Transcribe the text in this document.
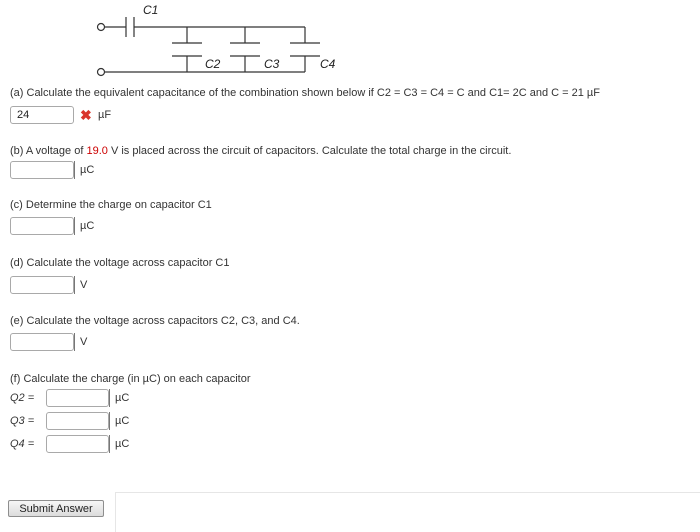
C1
C2	C3	C4
(a) Calculate the equivalent capacitance of the combination shown below if C2 = C3 = C4 = C and C1= 2C and C = 21 µF
24
✖ µF
(b) A voltage of 19.0 V is placed across the circuit of capacitors. Calculate the total charge in the circuit.
µC
(c) Determine the charge on capacitor C1
µC
(d) Calculate the voltage across capacitor C1
V
(e) Calculate the voltage across capacitors C2, C3, and C4.
V
(f) Calculate the charge (in µC) on each capacitor
Q2 =	µC
Q3 =	µC
Q4 =	µC
Submit Answer
